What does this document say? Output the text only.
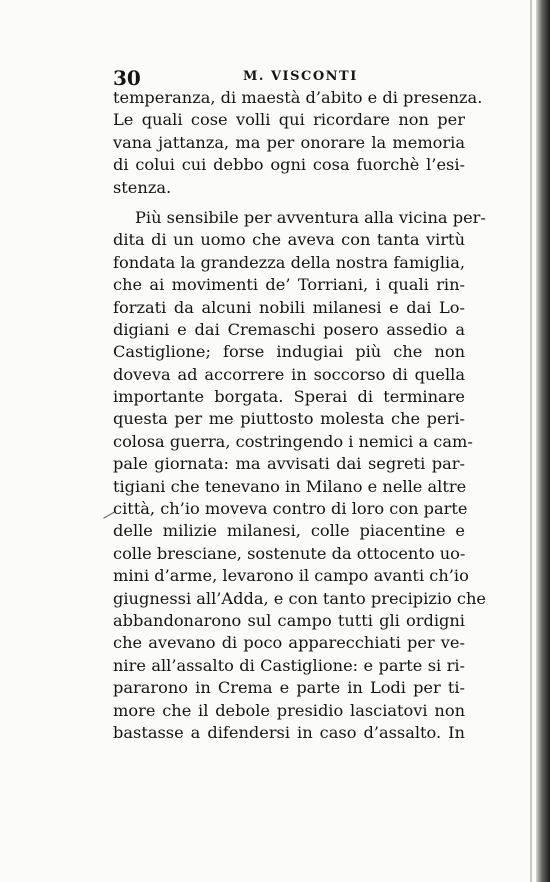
30	M. VISCONTI
temperanza, di maestà d’abito e di presenza.
Le quali cose volli qui ricordare non per
vana jattanza, ma per onorare la memoria
di colui cui debbo ogni cosa fuorchè l’esi-
stenza.
Più sensibile per avventura alla vicina per-
dita di un uomo che aveva con tanta virtù
fondata la grandezza della nostra famiglia,
che ai movimenti de’ Torriani, i quali rin-
forzati da alcuni nobili milanesi e dai Lo-
digiani e dai Cremaschi posero assedio a
Castiglione; forse indugiai più che non
doveva ad accorrere in soccorso di quella
importante borgata. Sperai di terminare
questa per me piuttosto molesta che peri-
colosa guerra, costringendo i nemici a cam-
pale giornata: ma avvisati dai segreti par-
tigiani che tenevano in Milano e nelle altre
città, ch’io moveva contro di loro con parte
delle milizie milanesi, colle piacentine e
colle bresciane, sostenute da ottocento uo-
mini d’arme, levarono il campo avanti ch’io
giugnessi all’Adda, e con tanto precipizio che
abbandonarono sul campo tutti gli ordigni
che avevano di poco apparecchiati per ve-
nire all’assalto di Castiglione: e parte si ri-
pararono in Crema e parte in Lodi per ti-
more che il debole presidio lasciatovi non
bastasse a difendersi in caso d’assalto. In
